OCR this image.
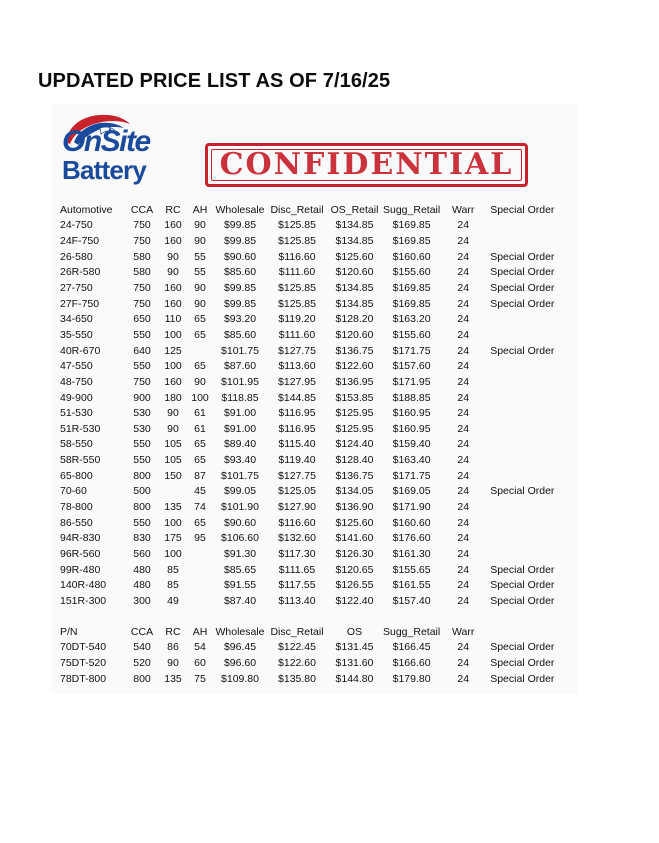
UPDATED PRICE LIST AS OF 7/16/25
OnSite
Battery CONFIDENTIAL
Automotive	CCA	RC	AH	Wholesale	Disc_Retail	OS_Retail	Sugg_Retail	Warr	Special Order
24-750	750	160	90	$99.85	$125.85	$134.85	$169.85	24	
24F-750	750	160	90	$99.85	$125.85	$134.85	$169.85	24	
26-580	580	90	55	$90.60	$116.60	$125.60	$160.60	24	Special Order
26R-580	580	90	55	$85.60	$111.60	$120.60	$155.60	24	Special Order
27-750	750	160	90	$99.85	$125.85	$134.85	$169.85	24	Special Order
27F-750	750	160	90	$99.85	$125.85	$134.85	$169.85	24	Special Order
34-650	650	110	65	$93.20	$119.20	$128.20	$163.20	24	
35-550	550	100	65	$85.60	$111.60	$120.60	$155.60	24	
40R-670	640	125		$101.75	$127.75	$136.75	$171.75	24	Special Order
47-550	550	100	65	$87.60	$113.60	$122.60	$157.60	24	
48-750	750	160	90	$101.95	$127.95	$136.95	$171.95	24	
49-900	900	180	100	$118.85	$144.85	$153.85	$188.85	24	
51-530	530	90	61	$91.00	$116.95	$125.95	$160.95	24	
51R-530	530	90	61	$91.00	$116.95	$125.95	$160.95	24	
58-550	550	105	65	$89.40	$115.40	$124.40	$159.40	24	
58R-550	550	105	65	$93.40	$119.40	$128.40	$163.40	24	
65-800	800	150	87	$101.75	$127.75	$136.75	$171.75	24	
70-60	500		45	$99.05	$125.05	$134.05	$169.05	24	Special Order
78-800	800	135	74	$101.90	$127.90	$136.90	$171.90	24	
86-550	550	100	65	$90.60	$116.60	$125.60	$160.60	24	
94R-830	830	175	95	$106.60	$132.60	$141.60	$176.60	24	
96R-560	560	100		$91.30	$117.30	$126.30	$161.30	24	
99R-480	480	85		$85.65	$111.65	$120.65	$155.65	24	Special Order
140R-480	480	85		$91.55	$117.55	$126.55	$161.55	24	Special Order
151R-300	300	49		$87.40	$113.40	$122.40	$157.40	24	Special Order
P/N	CCA	RC	AH	Wholesale	Disc_Retail	OS	Sugg_Retail	Warr	
70DT-540	540	86	54	$96.45	$122.45	$131.45	$166.45	24	Special Order
75DT-520	520	90	60	$96.60	$122.60	$131.60	$166.60	24	Special Order
78DT-800	800	135	75	$109.80	$135.80	$144.80	$179.80	24	Special Order
